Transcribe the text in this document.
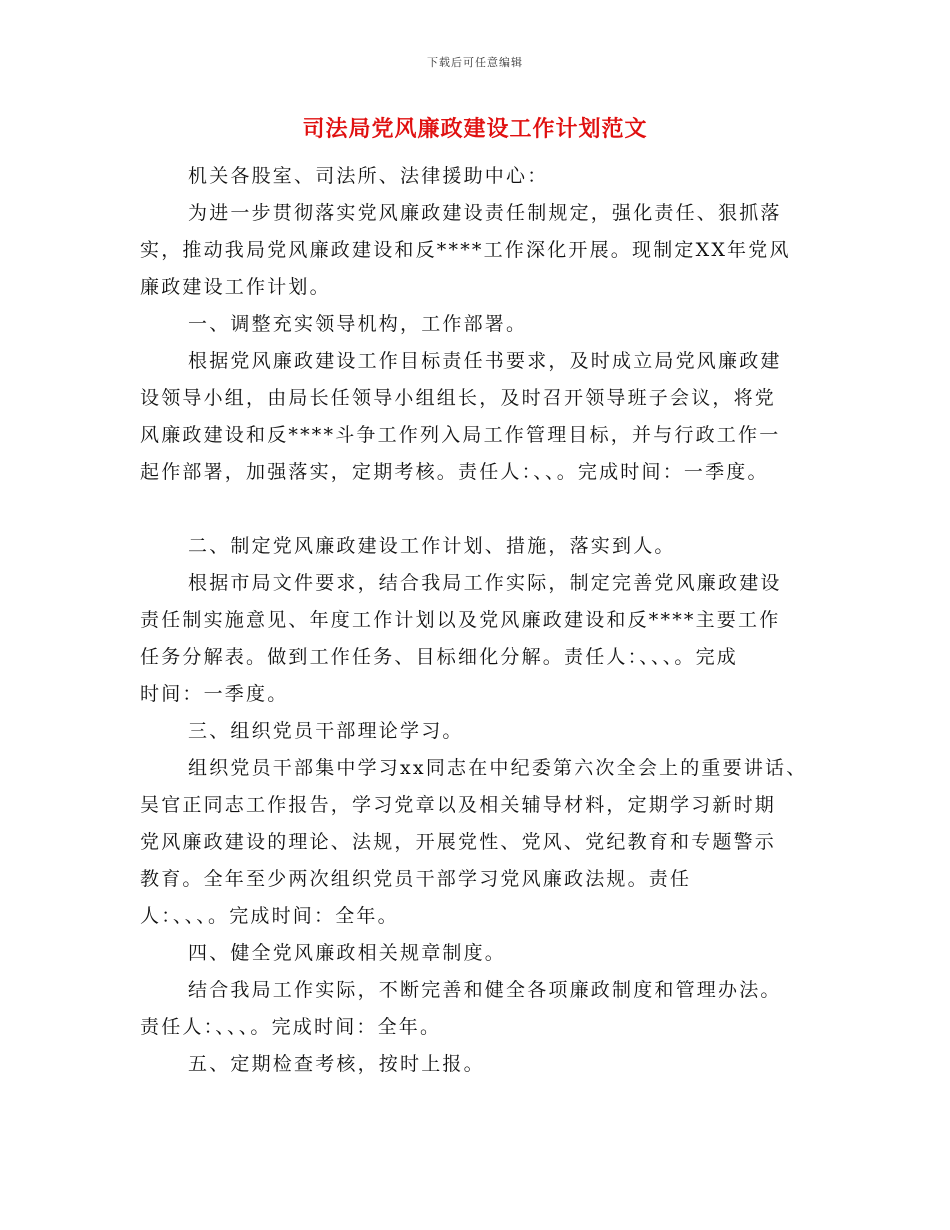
下载后可任意编辑
司法局党风廉政建设工作计划范文
机关各股室、司法所、法律援助中心：
为进一步贯彻落实党风廉政建设责任制规定，强化责任、狠抓落
实，推动我局党风廉政建设和反****工作深化开展。现制定XX年党风
廉政建设工作计划。
一、调整充实领导机构，工作部署。
根据党风廉政建设工作目标责任书要求，及时成立局党风廉政建
设领导小组，由局长任领导小组组长，及时召开领导班子会议，将党
风廉政建设和反****斗争工作列入局工作管理目标，并与行政工作一
起作部署，加强落实，定期考核。责任人：、、。完成时间：一季度。
二、制定党风廉政建设工作计划、措施，落实到人。
根据市局文件要求，结合我局工作实际，制定完善党风廉政建设
责任制实施意见、年度工作计划以及党风廉政建设和反****主要工作
任务分解表。做到工作任务、目标细化分解。责任人：、、、。完成
时间：一季度。
三、组织党员干部理论学习。
组织党员干部集中学习xx同志在中纪委第六次全会上的重要讲话、
吴官正同志工作报告，学习党章以及相关辅导材料，定期学习新时期
党风廉政建设的理论、法规，开展党性、党风、党纪教育和专题警示
教育。全年至少两次组织党员干部学习党风廉政法规。责任
人：、、、。完成时间：全年。
四、健全党风廉政相关规章制度。
结合我局工作实际，不断完善和健全各项廉政制度和管理办法。
责任人：、、、。完成时间：全年。
五、定期检查考核，按时上报。
